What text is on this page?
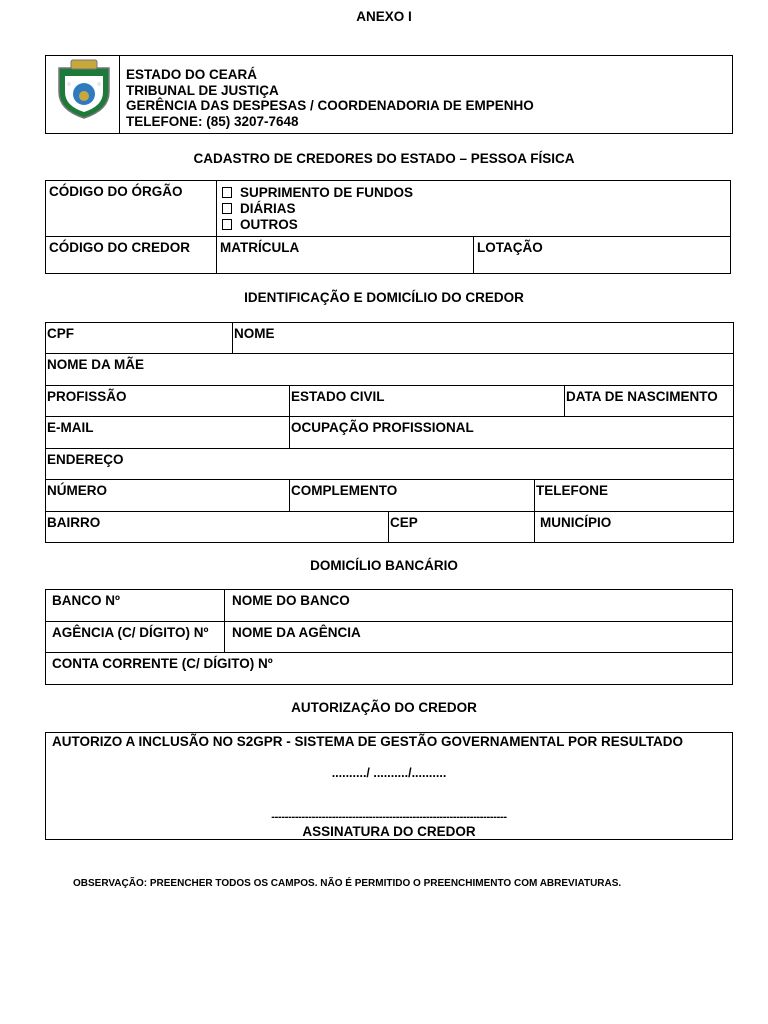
ANEXO I

ESTADO DO CEARÁ
TRIBUNAL DE JUSTIÇA
GERÊNCIA DAS DESPESAS / COORDENADORIA DE EMPENHO
TELEFONE: (85) 3207-7648
CADASTRO DE CREDORES DO ESTADO – PESSOA FÍSICA
CÓDIGO DO ÓRGÃO	SUPRIMENTO DE FUNDOS
DIÁRIAS
OUTROS	

CÓDIGO DO CREDOR	MATRÍCULA	LOTAÇÃO
IDENTIFICAÇÃO E DOMICÍLIO DO CREDOR
CPF	NOME				
NOME DA MÃE					
PROFISSÃO		ESTADO CIVIL			DATA DE NASCIMENTO
E-MAIL		OCUPAÇÃO PROFISSIONAL			
ENDEREÇO					
NÚMERO		COMPLEMENTO		TELEFONE	
BAIRRO			CEP	MUNICÍPIO	
DOMICÍLIO BANCÁRIO
BANCO Nº	NOME DO BANCO
AGÊNCIA (C/ DÍGITO) Nº	NOME DA AGÊNCIA
CONTA CORRENTE (C/ DÍGITO) Nº	
AUTORIZAÇÃO DO CREDOR
AUTORIZO A INCLUSÃO NO S2GPR - SISTEMA DE GESTÃO GOVERNAMENTAL POR RESULTADO
........../ ........../..........
----------------------------------------------------------------------
ASSINATURA DO CREDOR
OBSERVAÇÃO: PREENCHER TODOS OS CAMPOS. NÃO É PERMITIDO O PREENCHIMENTO COM ABREVIATURAS.
